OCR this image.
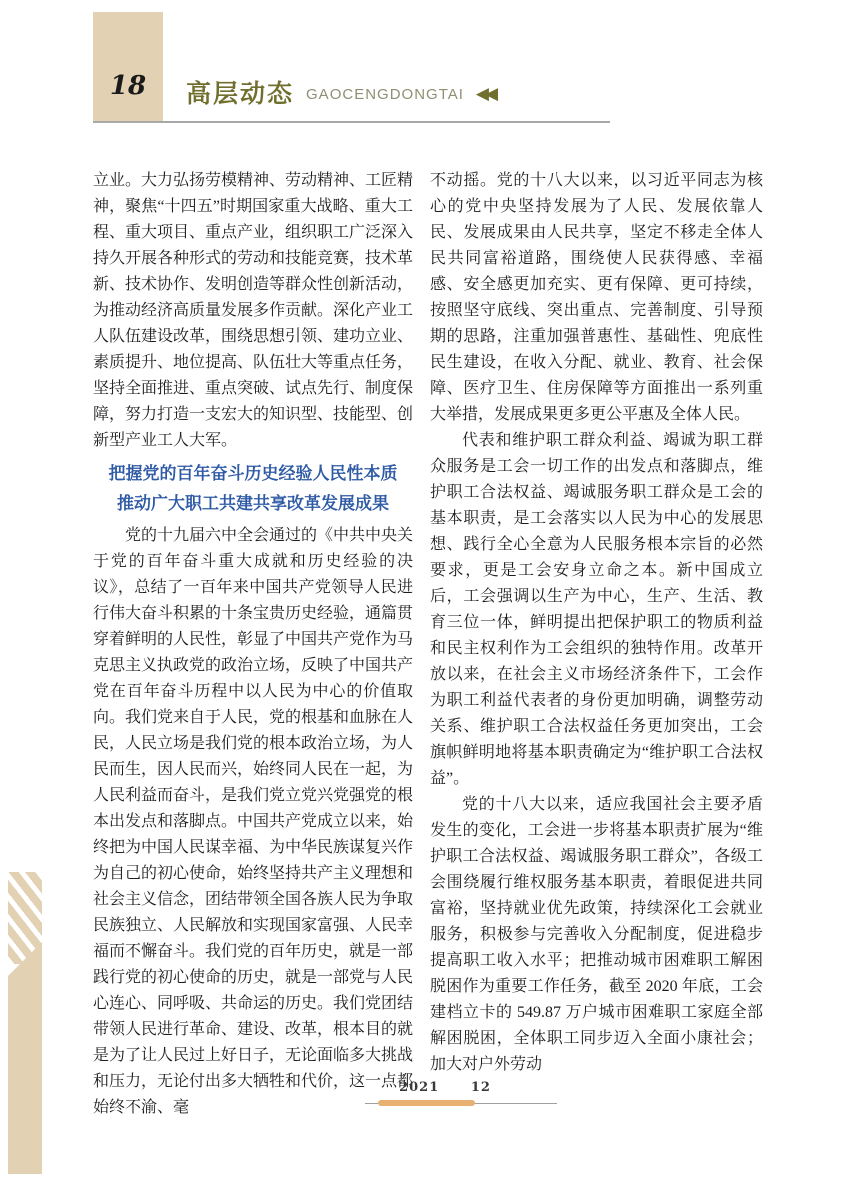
18	高层动态 GAOCENGDONGTAI ◀◀

立业。大力弘扬劳模精神、劳动精神、工匠精神，聚焦“十四五”时期国家重大战略、重大工程、重大项目、重点产业，组织职工广泛深入持久开展各种形式的劳动和技能竞赛，技术革新、技术协作、发明创造等群众性创新活动，为推动经济高质量发展多作贡献。深化产业工人队伍建设改革，围绕思想引领、建功立业、素质提升、地位提高、队伍壮大等重点任务，坚持全面推进、重点突破、试点先行、制度保障，努力打造一支宏大的知识型、技能型、创新型产业工人大军。

把握党的百年奋斗历史经验人民性本质
推动广大职工共建共享改革发展成果

党的十九届六中全会通过的《中共中央关于党的百年奋斗重大成就和历史经验的决议》，总结了一百年来中国共产党领导人民进行伟大奋斗积累的十条宝贵历史经验，通篇贯穿着鲜明的人民性，彰显了中国共产党作为马克思主义执政党的政治立场，反映了中国共产党在百年奋斗历程中以人民为中心的价值取向。我们党来自于人民，党的根基和血脉在人民，人民立场是我们党的根本政治立场，为人民而生，因人民而兴，始终同人民在一起，为人民利益而奋斗，是我们党立党兴党强党的根本出发点和落脚点。中国共产党成立以来，始终把为中国人民谋幸福、为中华民族谋复兴作为自己的初心使命，始终坚持共产主义理想和社会主义信念，团结带领全国各族人民为争取民族独立、人民解放和实现国家富强、人民幸福而不懈奋斗。我们党的百年历史，就是一部践行党的初心使命的历史，就是一部党与人民心连心、同呼吸、共命运的历史。我们党团结带领人民进行革命、建设、改革，根本目的就是为了让人民过上好日子，无论面临多大挑战和压力，无论付出多大牺牲和代价，这一点都始终不渝、毫

不动摇。党的十八大以来，以习近平同志为核心的党中央坚持发展为了人民、发展依靠人民、发展成果由人民共享，坚定不移走全体人民共同富裕道路，围绕使人民获得感、幸福感、安全感更加充实、更有保障、更可持续，按照坚守底线、突出重点、完善制度、引导预期的思路，注重加强普惠性、基础性、兜底性民生建设，在收入分配、就业、教育、社会保障、医疗卫生、住房保障等方面推出一系列重大举措，发展成果更多更公平惠及全体人民。

代表和维护职工群众利益、竭诚为职工群众服务是工会一切工作的出发点和落脚点，维护职工合法权益、竭诚服务职工群众是工会的基本职责，是工会落实以人民为中心的发展思想、践行全心全意为人民服务根本宗旨的必然要求，更是工会安身立命之本。新中国成立后，工会强调以生产为中心，生产、生活、教育三位一体，鲜明提出把保护职工的物质利益和民主权利作为工会组织的独特作用。改革开放以来，在社会主义市场经济条件下，工会作为职工利益代表者的身份更加明确，调整劳动关系、维护职工合法权益任务更加突出，工会旗帜鲜明地将基本职责确定为“维护职工合法权益”。

党的十八大以来，适应我国社会主要矛盾发生的变化，工会进一步将基本职责扩展为“维护职工合法权益、竭诚服务职工群众”，各级工会围绕履行维权服务基本职责，着眼促进共同富裕，坚持就业优先政策，持续深化工会就业服务，积极参与完善收入分配制度，促进稳步提高职工收入水平；把推动城市困难职工解困脱困作为重要工作任务，截至 2020 年底，工会建档立卡的 549.87 万户城市困难职工家庭全部解困脱困，全体职工同步迈入全面小康社会；加大对户外劳动

2021 12
